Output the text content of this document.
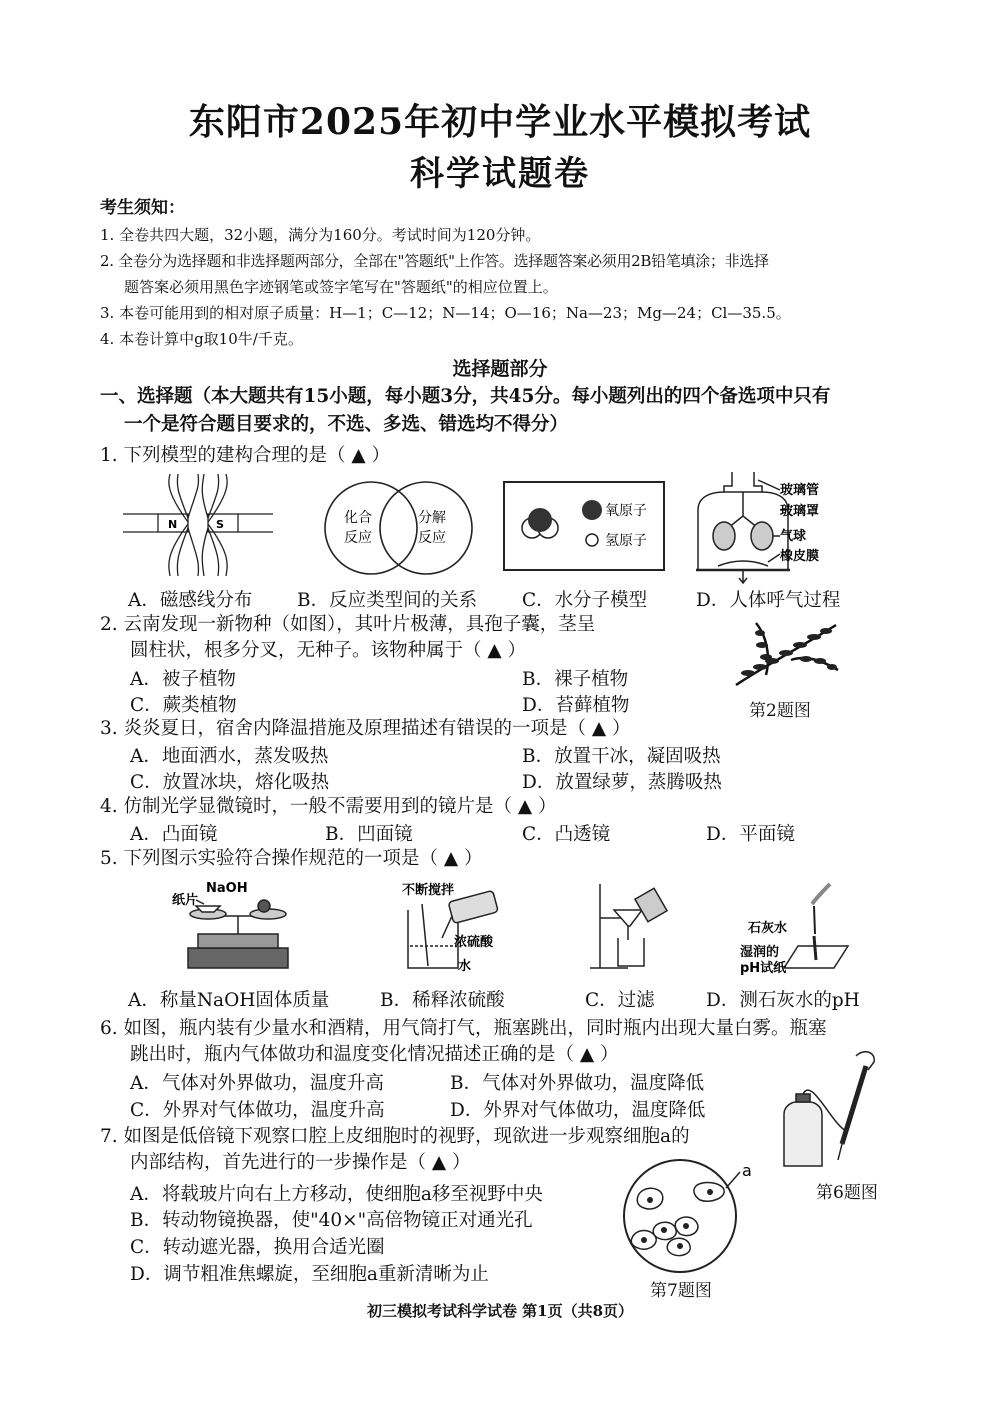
东阳市2025年初中学业水平模拟考试
科学试题卷
考生须知：
1. 全卷共四大题，32小题，满分为160分。考试时间为120分钟。
2. 全卷分为选择题和非选择题两部分，全部在"答题纸"上作答。选择题答案必须用2B铅笔填涂；非选择
题答案必须用黑色字迹钢笔或签字笔写在"答题纸"的相应位置上。
3. 本卷可能用到的相对原子质量：H—1；C—12；N—14；O—16；Na—23；Mg—24；Cl—35.5。
4. 本卷计算中g取10牛/千克。
选择题部分
一、选择题（本大题共有15小题，每小题3分，共45分。每小题列出的四个备选项中只有
一个是符合题目要求的，不选、多选、错选均不得分）
1. 下列模型的建构合理的是（ ▲ ）
N	S	化合
反应
分解
反应
氧原子
氢原子
玻璃管
玻璃罩
气球
橡皮膜
A．磁感线分布 B．反应类型间的关系 C．水分子模型	D．人体呼气过程
2. 云南发现一新物种（如图），其叶片极薄，具孢子囊，茎呈
圆柱状，根多分叉，无种子。该物种属于（ ▲ ）
A．被子植物	B．裸子植物
C．蕨类植物	D．苔藓植物	第2题图
3. 炎炎夏日，宿舍内降温措施及原理描述有错误的一项是（ ▲ ）
A．地面洒水，蒸发吸热	B．放置干冰，凝固吸热
C．放置冰块，熔化吸热	D．放置绿萝，蒸腾吸热
4. 仿制光学显微镜时，一般不需要用到的镜片是（ ▲ ）
A．凸面镜	B．凹面镜	C．凸透镜	D．平面镜
5. 下列图示实验符合操作规范的一项是（ ▲ ）
NaOH
纸片
不断搅拌
浓硫酸
水
石灰水
湿润的
pH试纸
A．称量NaOH固体质量	B．稀释浓硫酸	C．过滤	D．测石灰水的pH
6. 如图，瓶内装有少量水和酒精，用气筒打气，瓶塞跳出，同时瓶内出现大量白雾。瓶塞
跳出时，瓶内气体做功和温度变化情况描述正确的是（ ▲ ）
A．气体对外界做功，温度升高	B．气体对外界做功，温度降低
C．外界对气体做功，温度升高	D．外界对气体做功，温度降低
第6题图
7. 如图是低倍镜下观察口腔上皮细胞时的视野，现欲进一步观察细胞a的
内部结构，首先进行的一步操作是（ ▲ ）
A．将载玻片向右上方移动，使细胞a移至视野中央
B．转动物镜换器，使"40×"高倍物镜正对通光孔
C．转动遮光器，换用合适光圈
D．调节粗准焦螺旋，至细胞a重新清晰为止
a
第7题图
初三模拟考试科学试卷 第1页（共8页）
